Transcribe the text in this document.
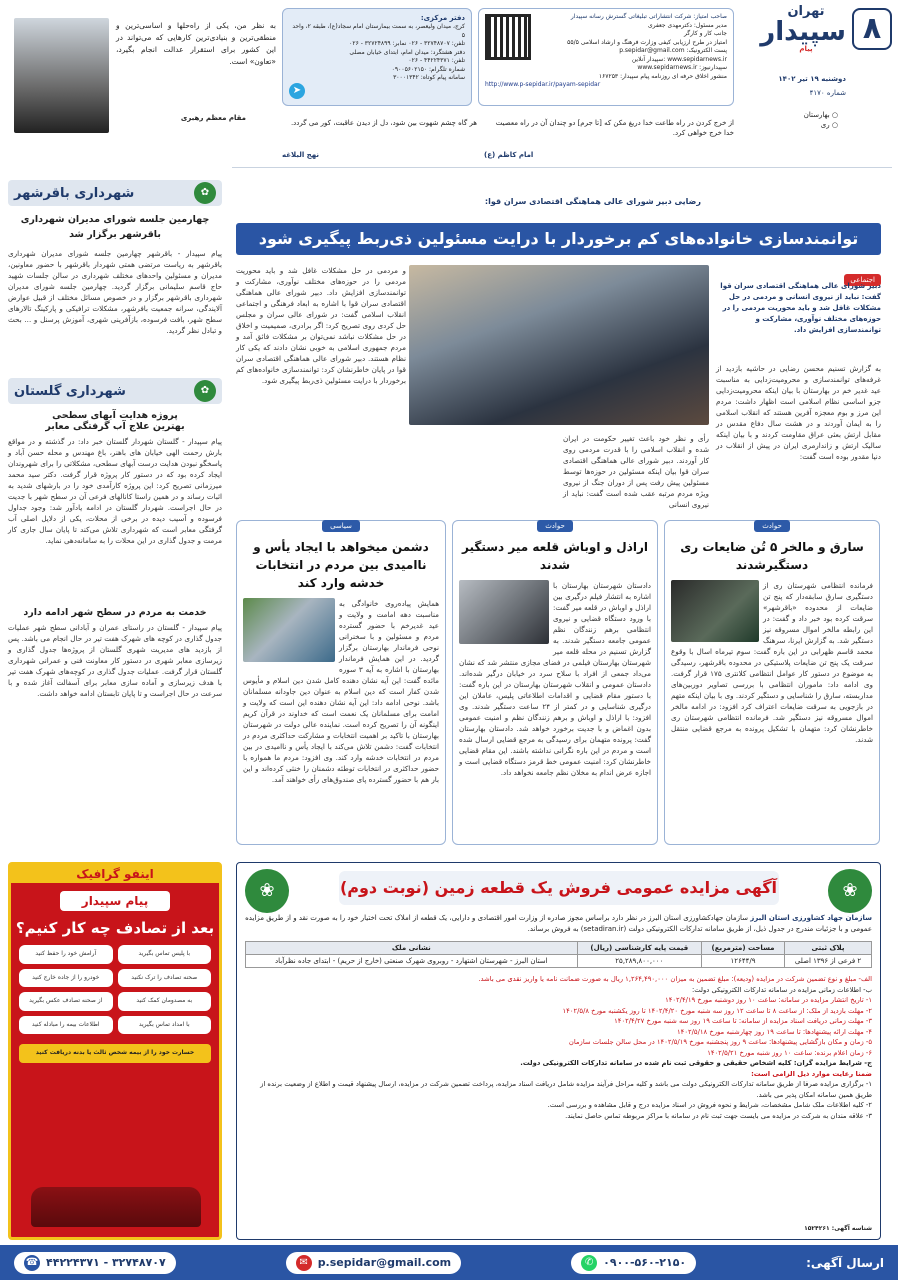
۸
تهران
سپیدار
پیام
دوشنبه ۱۹ تیر ۱۴۰۲
شماره ۴۱۷۰
○ بهارستان
○ ری
صاحب امتیاز: شرکت انتشاراتی تبلیغاتی گسترش رسانه سپیدار
مدیر مسئول: دکترمهدی جعفری
جانب کار و کارگر
امتیاز در طرح ارزیابی کیفی وزارت فرهنگ و ارشاد اسلامی ۵۵/۵
پست الکترونیک: p.sepidar@gmail.com
www.sepidarnews.ir :سپیدار آنلاین
سپیدارنیوز: www.sepidarnews.ir
منشور اخلاق حرفه ای روزنامه پیام سپیدار: ۱۶۷۲۵۳
http://www.p-sepidar.ir/payam-sepidar
دفتر مرکزی:
کرج، میدان ولیعصر، به سمت بیمارستان امام سجاد(ع)، طبقه ۲، واحد ۵
تلفن: ۳۲۷۴۸۷۰۷ - ۰۲۶ نمابر: ۳۲۷۲۴۸۹۹ - ۰۲۶
دفتر هشتگرد: میدان امام، ابتدای خیابان مصلی
تلفن: ۴۴۲۲۴۳۷۱ - ۰۲۶
شماره تلگرام: ۰۹۰۰۵۶۰۲۱۵۰
سامانه پیام کوتاه: ۳۰۰۰۱۳۴۲
➤
به نظر من، یکی از راه‌حلها و اساسی‌ترین و منطقی‌ترین و بنیادی‌ترین کارهایی که می‌تواند در این کشور برای استقرار عدالت انجام بگیرد، «تعاون» است.
مقام معظم رهبری
از خرج کردن در راه طاعت خدا دریغ مکن که [تا جرم] دو چندان آن در راه معصیت خدا خرج خواهی کرد.
امام کاظم (ع)
هر گاه چشم شهوت بین شود، دل از دیدن عاقبت، کور می گردد.
نهج البلاغه
رضایی دبیر شورای عالی هماهنگی اقتصادی سران قوا:
توانمندسازی خانواده‌های کم برخوردار با درایت مسئولین ذی‌ربط پیگیری شود
اجتماعی
دبیر شورای عالی هماهنگی اقتصادی سران قوا گفت: نباید از نیروی انسانی و مردمی در حل مشکلات غافل شد و باید محوریت مردمی را در حوزه‌های مختلف نوآوری، مشارکت و توانمندسازی افزایش داد.
به گزارش تسنیم محسن رضایی در حاشیه بازدید از غرفه‌های توانمندسازی و محرومیت‌زدایی به مناسبت عید غدیر خم در بهارستان با بیان اینکه محرومیت‌زدایی جزو اساسی نظام اسلامی است اظهار داشت: مردم این مرز و بوم معجزه آفرین هستند که انقلاب اسلامی را به ایمان آوردند و در هشت سال دفاع مقدس در مقابل ارتش بعثی عراق مقاومت کردند و با بیان اینکه سالیک ارتش و زاندارمری ایران در پیش از انقلاب در دنیا مقدور بوده است گفت:
رأی و نظر خود باعث تغییر حکومت در ایران شده و انقلاب اسلامی را با قدرت مردمی روی کار آوردند. دبیر شورای عالی هماهنگی اقتصادی سران قوا بیان اینکه مسئولین در حوزه‌ها توسط مسئولین پیش رفت پس از دوران جنگ از نیروی ویژه مردم مرتبه عقب شده است گفت: نباید از نیروی انسانی
و مردمی در حل مشکلات غافل شد و باید محوریت مردمی را در حوزه‌های مختلف نوآوری، مشارکت و توانمندسازی افزایش داد. دبیر شورای عالی هماهنگی اقتصادی سران قوا با اشاره به ابعاد فرهنگی و اجتماعی انقلاب اسلامی گفت: در شورای عالی سران و مجلس حل کردی روی تصریح کرد: اگر برادری، صمیمیت و اخلاق در حل مشکلات نباشد نمی‌توان بر مشکلات فائق آمد و مردم جمهوری اسلامی به خوبی نشان دادند که یکی کار نظام هستند. دبیر شورای عالی هماهنگی اقتصادی سران قوا در پایان خاطرنشان کرد: توانمندسازی خانواده‌های کم برخوردار با درایت مسئولین ذی‌ربط پیگیری شود.
حوادث
سارق و مالخر ۵ تُن ضایعات ری دستگیرشدند
فرمانده انتظامی شهرستان ری از دستگیری سارق سابقه‌دار که پنج تن ضایعات از محدوده «باقرشهر» سرقت کرده بود خبر داد و گفت: در این رابطه مالخر اموال مسروقه نیز دستگیر شد. به گزارش ایرنا، سرهنگ محمد قاسم ظهرابی در این باره گفت: سوم تیرماه اسال با وقوع سرقت یک پنج تن ضایعات پلاستیکی در محدوده باقرشهر، رسیدگی به موضوع در دستور کار عوامل انتظامی کلانتری ۱۷۵ قرار گرفت. وی ادامه داد: ماموران انتظامی با بررسی تصاویر دوربین‌های مداربسته، سارق را شناسایی و دستگیر کردند. وی با بیان اینکه متهم در بازجویی به سرقت ضایعات اعتراف کرد افزود: در ادامه مالخر اموال مسروقه نیز دستگیر شد. فرمانده انتظامی شهرستان ری خاطرنشان کرد: متهمان با تشکیل پرونده به مرجع قضایی منتقل شدند.
حوادث
اراذل و اوباش قلعه میر دستگیر شدند
دادستان شهرستان بهارستان با اشاره به انتشار فیلم درگیری بین اراذل و اوباش در قلعه میر گفت: با ورود دستگاه قضایی و نیروی انتظامی برهم زنندگان نظم عمومی جامعه دستگیر شدند. به گزارش تسنیم در محله قلعه میر شهرستان بهارستان فیلمی در فضای مجازی منتشر شد که نشان می‌داد جمعی از افراد با سلاح سرد در خیابان درگیر شده‌اند. دادستان عمومی و انقلاب شهرستان بهارستان در این باره گفت: با دستور مقام قضایی و اقدامات اطلاعاتی پلیس، عاملان این درگیری شناسایی و در کمتر از ۲۴ ساعت دستگیر شدند. وی افزود: با اراذل و اوباش و برهم زنندگان نظم و امنیت عمومی بدون اغماض و با جدیت برخورد خواهد شد. دادستان بهارستان گفت: پرونده متهمان برای رسیدگی به مرجع قضایی ارسال شده است و مردم در این باره نگرانی نداشته باشند. این مقام قضایی خاطرنشان کرد: امنیت عمومی خط قرمز دستگاه قضایی است و اجازه عرض اندام به مخلان نظم جامعه نخواهد داد.
سیاسی
دشمن میخواهد با ایجاد یأس و ناامیدی بین مردم در انتخابات خدشه وارد کند
همایش پیاده‌روی خانوادگی به مناسبت دهه امامت و ولایت و عید غدیرخم با حضور گسترده مردم و مسئولین و با سخنرانی نوحی فرماندار بهارستان برگزار گردید. در این همایش فرماندار بهارستان با اشاره به آیه ۳ سوره مائده گفت: این آیه نشان دهنده کامل شدن دین اسلام و مأیوس شدن کفار است که دین اسلام به عنوان دین جاودانه مسلمانان باشد. نوحی ادامه داد: این آیه نشان دهنده این است که ولایت و امامت برای مسلمانان یک نعمت است که خداوند در قرآن کریم اینگونه آن را تصریح کرده است. نماینده عالی دولت در شهرستان بهارستان با تاکید بر اهمیت انتخابات و مشارکت حداکثری مردم در انتخابات گفت: دشمن تلاش می‌کند با ایجاد یأس و ناامیدی در بین مردم در انتخابات خدشه وارد کند. وی افزود: مردم ما همواره با حضور حداکثری در انتخابات توطئه دشمنان را خنثی کرده‌اند و این بار هم با حضور گسترده پای صندوق‌های رأی خواهند آمد.
✿
شهرداری باقرشهر
چهارمین جلسه شورای مدیران شهرداری باقرشهر برگزار شد
پیام سپیدار - باقرشهر چهارمین جلسه شورای مدیران شهرداری باقرشهر به ریاست مرتضی همتی شهردار باقرشهر با حضور معاونین، مدیران و مسئولین واحدهای مختلف شهرداری در سالن جلسات شهید حاج قاسم سلیمانی برگزار گردید. چهارمین جلسه شورای مدیران شهرداری باقرشهر برگزار و در خصوص مسائل مختلف از قبیل عوارض آلایندگی، سرانه جمعیت بافرشهر، مشکلات ترافیکی و پارکینگ تالارهای سطح شهر، بافت فرسوده، بازآفرینی شهری، آموزش پرسنل و ... بحث و تبادل نظر گردید.
✿
شهرداری گلستان
پروژه هدایت آبهای سطحی
بهترین علاج آب گرفتگی معابر
پیام سپیدار - گلستان شهردار گلستان خبر داد: در گذشته و در مواقع بارش رحمت الهی خیابان های باهنر، باغ مهندس و محله حسن آباد و پاسخگو نبودن هدایت درست آبهای سطحی، مشکلاتی را برای شهروندان ایجاد کرده بود که در دستور کار پروژه قرار گرفت. دکتر سید محمد میرزمانی تصریح کرد: این پروژه کارآمدی خود را در بارشهای شدید به اثبات رساند و در همین راستا کانالهای فرعی آن در سطح شهر با جدیت در حال اجراست. شهردار گلستان در ادامه یادآور شد: وجود جداول فرسوده و آسیب دیده در برخی از محلات، یکی از دلایل اصلی آب گرفتگی معابر است که شهرداری تلاش می‌کند تا پایان سال جاری کار مرمت و جدول گذاری در این محلات را به سامانه‌دهی نماید.
خدمت به مردم در سطح شهر ادامه دارد
پیام سپیدار - گلستان در راستای عمران و آبادانی سطح شهر عملیات جدول گذاری در کوچه های شهرک هفت تیر در حال انجام می باشد. پس از بازدید های مدیریت شهری گلستان از پروژه‌ها جدول گذاری و زیرسازی معابر شهری در دستور کار معاونت فنی و عمرانی شهرداری گلستان قرار گرفت. عملیات جدول گذاری در کوچه‌های شهرک هفت تیر با هدف زیرسازی و آماده سازی معابر برای آسفالت آغاز شده و با سرعت در حال اجراست و تا پایان تابستان ادامه خواهد داشت.
اینفو گرافیک
پیام سپیدار
بعد از تصادف چه کار کنیم؟
با پلیس تماس بگیرید
آرامش خود را حفظ کنید
صحنه تصادف را ترک نکنید
خودرو را از جاده خارج کنید
به مصدومان کمک کنید
از صحنه تصادف عکس بگیرید
با امداد تماس بگیرید
اطلاعات بیمه را مبادله کنید
خسارت خود را از بیمه شخص ثالث یا بدنه دریافت کنید
❀
❀	آگهی مزایده عمومی فروش یک قطعه زمین (نوبت دوم)
سازمان جهاد کشاورزی استان البرز سازمان جهادکشاورزی استان البرز در نظر دارد براساس مجوز صادره از وزارت امور اقتصادی و دارایی، یک قطعه از املاک تحت اختیار خود را به صورت نقد و از طریق مزایده عمومی و با جزئیات مندرج در جدول ذیل، از طریق سامانه تدارکات الکترونیکی دولت (setadiran.ir) به فروش برساند.
پلاک ثبتی	مساحت (مترمربع)	قیمت پایه کارشناسی (ریال)	نشانی ملک
۲ فرعی از ۱۳۹۶ اصلی	۱۲۶۴۴/۹	۲۵,۲۸۹,۸۰۰,۰۰۰	استان البرز - شهرستان اشتهارد - روبروی شهرک صنعتی (خارج از حریم) - ابتدای جاده نظرآباد
الف- مبلغ و نوع تضمین شرکت در مزایده (ودیعه): مبلغ تضمین به میزان ۱,۲۶۴,۴۹۰,۰۰۰ ریال به صورت ضمانت نامه یا واریز نقدی می باشد.
ب- اطلاعات زمانی مزایده در سامانه تدارکات الکترونیکی دولت:
۱- تاریخ انتشار مزایده در سامانه: ساعت ۱۰ روز دوشنبه مورخ ۱۴۰۲/۴/۱۹
۲- مهلت بازدید از ملک: از ساعت ۸ تا ساعت ۱۲ روز سه شنبه مورخ ۱۴۰۲/۴/۲۰ تا روز یکشنبه مورخ ۱۴۰۲/۵/۸
۳- مهلت زمانی دریافت اسناد مزایده از سامانه: تا ساعت ۱۹ روز سه شنبه مورخ ۱۴۰۲/۴/۲۷
۴- مهلت ارائه پیشنهادها: تا ساعت ۱۹ روز چهارشنبه مورخ ۱۴۰۲/۵/۱۸
۵- زمان و مکان بازگشایی پیشنهادها: ساعت ۹ روز پنجشنبه مورخ ۱۴۰۲/۵/۱۹ در محل سالن جلسات سازمان
۶- زمان اعلام برنده: ساعت ۱۰ روز شنبه مورخ ۱۴۰۲/۵/۲۱
ج- شرایط مزایده گران: کلیه اشخاص حقیقی و حقوقی ثبت نام شده در سامانه تدارکات الکترونیکی دولت.
ضمنا رعایت موارد ذیل الزامی است:
۱- برگزاری مزایده صرفا از طریق سامانه تدارکات الکترونیکی دولت می باشد و کلیه مراحل فرآیند مزایده شامل دریافت اسناد مزایده، پرداخت تضمین شرکت در مزایده، ارسال پیشنهاد قیمت و اطلاع از وضعیت برنده از طریق همین سامانه امکان پذیر می باشد.
۲- کلیه اطلاعات ملک شامل مشخصات، شرایط و نحوه فروش در اسناد مزایده درج و قابل مشاهده و بررسی است.
۳- علاقه مندان به شرکت در مزایده می بایست جهت ثبت نام در سامانه با مراکز مربوطه تماس حاصل نمایند.
شناسه آگهی: ۱۵۲۴۲۶۱
ارسال آگهی:
✆ ۰۹۰۰-۵۶۰-۲۱۵۰
✉ p.sepidar@gmail.com
☎ ۴۴۲۲۴۳۷۱ - ۳۲۷۴۸۷۰۷
